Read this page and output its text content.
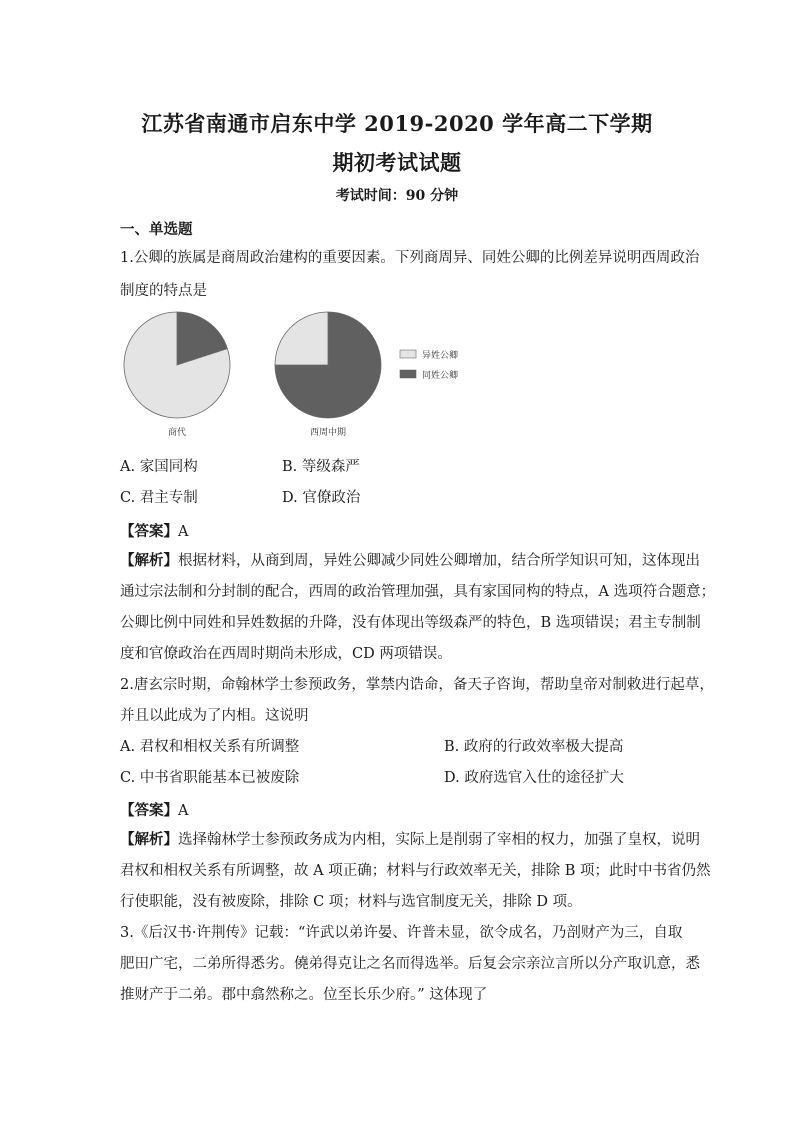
江苏省南通市启东中学 2019-2020 学年高二下学期
期初考试试题
考试时间：90 分钟
一、单选题
1.公卿的族属是商周政治建构的重要因素。下列商周异、同姓公卿的比例差异说明西周政治
制度的特点是
商代	西周中期
异姓公卿
同姓公卿
A. 家国同构	B. 等级森严
C. 君主专制	D. 官僚政治
【答案】A
【解析】根据材料，从商到周，异姓公卿减少同姓公卿增加，结合所学知识可知，这体现出
通过宗法制和分封制的配合，西周的政治管理加强，具有家国同构的特点，A 选项符合题意；
公卿比例中同姓和异姓数据的升降，没有体现出等级森严的特色，B 选项错误；君主专制制
度和官僚政治在西周时期尚未形成，CD 两项错误。
2.唐玄宗时期，命翰林学士参预政务，掌禁内诰命，备天子咨询，帮助皇帝对制敕进行起草，
并且以此成为了内相。这说明
A. 君权和相权关系有所调整	B. 政府的行政效率极大提高
C. 中书省职能基本已被废除	D. 政府选官入仕的途径扩大
【答案】A
【解析】选择翰林学士参预政务成为内相，实际上是削弱了宰相的权力，加强了皇权，说明
君权和相权关系有所调整，故 A 项正确；材料与行政效率无关，排除 B 项；此时中书省仍然
行使职能，没有被废除，排除 C 项；材料与选官制度无关，排除 D 项。
3.《后汉书·许荆传》记载：“许武以弟许晏、许普未显，欲令成名，乃剖财产为三，自取
肥田广宅，二弟所得悉劣。僥弟得克让之名而得选举。后复会宗亲泣言所以分产取讥意，悉
推财产于二弟。郡中翕然称之。位至长乐少府。” 这体现了
